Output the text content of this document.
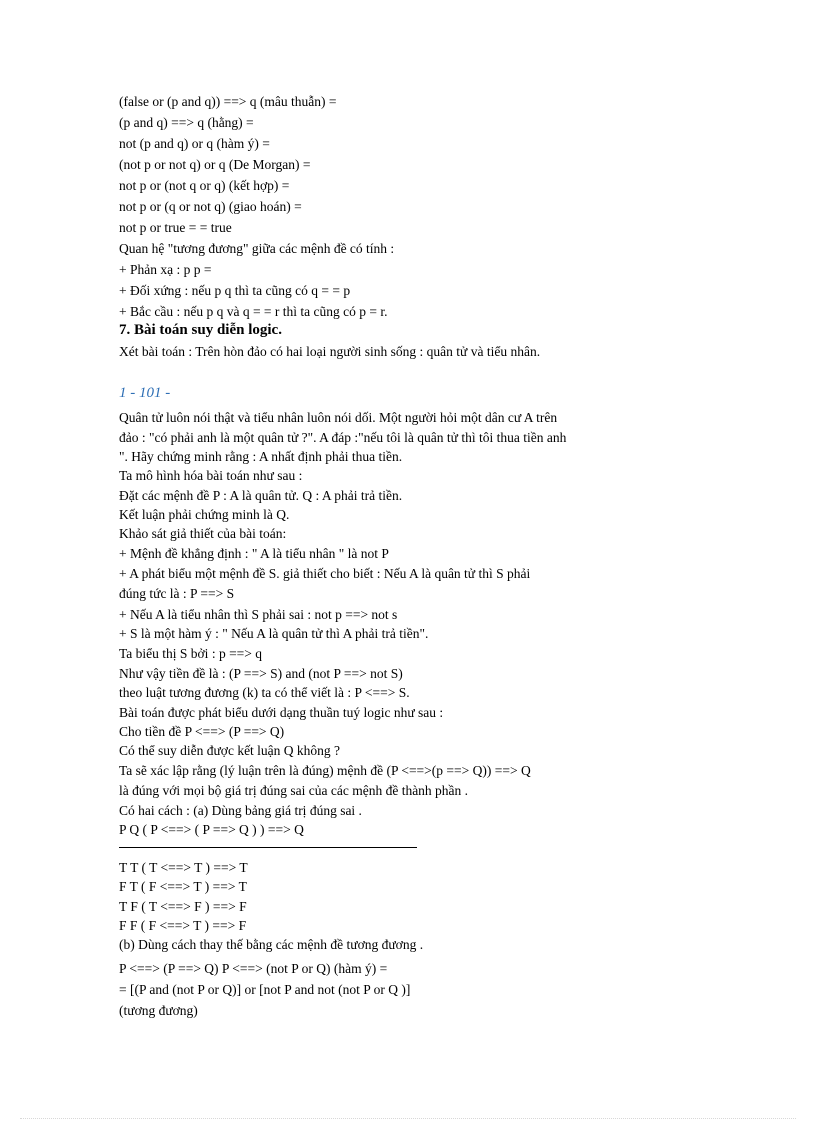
(false or (p and q)) ==> q (mâu thuẫn) =
(p and q) ==> q (hằng) =
not (p and q) or q (hàm ý) =
(not p or not q) or q (De Morgan) =
not p or (not q or q) (kết hợp) =
not p or (q or not q) (giao hoán) =
not p or true = = true
Quan hệ "tương đương" giữa các mệnh đề có tính :
+ Phản xạ : p p =
+ Đối xứng : nếu p q thì ta cũng có q = = p
+ Bắc cầu : nếu p q và q = = r thì ta cũng có p = r.
7. Bài toán suy diễn logic.
Xét bài toán : Trên hòn đảo có hai loại người sinh sống : quân tử và tiểu nhân.
1 - 101 -
Quân tử luôn nói thật và tiểu nhân luôn nói dối. Một người hỏi một dân cư A trên
đảo : "có phải anh là một quân tử ?". A đáp :"nếu tôi là quân tử thì tôi thua tiền anh
". Hãy chứng minh rằng : A nhất định phải thua tiền.
Ta mô hình hóa bài toán như sau :
Đặt các mệnh đề P : A là quân tử. Q : A phải trả tiền.
Kết luận phải chứng minh là Q.
Khảo sát giả thiết của bài toán:
+ Mệnh đề khẳng định : " A là tiểu nhân " là not P
+ A phát biểu một mệnh đề S. giả thiết cho biết : Nếu A là quân tử thì S phải
đúng tức là : P ==> S
+ Nếu A là tiểu nhân thì S phải sai : not p ==> not s
+ S là một hàm ý : " Nếu A là quân tử thì A phải trả tiền".
Ta biểu thị S bởi : p ==> q
Như vậy tiền đề là : (P ==> S) and (not P ==> not S)
theo luật tương đương (k) ta có thể viết là : P <==> S.
Bài toán được phát biểu dưới dạng thuần tuý logic như sau :
Cho tiền đề P <==> (P ==> Q)
Có thể suy diễn được kết luận Q không ?
Ta sẽ xác lập rằng (lý luận trên là đúng) mệnh đề (P <==>(p ==> Q)) ==> Q
là đúng với mọi bộ giá trị đúng sai của các mệnh đề thành phần .
Có hai cách : (a) Dùng bảng giá trị đúng sai .
P Q ( P <==> ( P ==> Q ) ) ==> Q
T T ( T <==> T ) ==> T
F T ( F <==> T ) ==> T
T F ( T <==> F ) ==> F
F F ( F <==> T ) ==> F
(b) Dùng cách thay thế bằng các mệnh đề tương đương .
P <==> (P ==> Q) P <==> (not P or Q) (hàm ý) =
= [(P and (not P or Q)] or [not P and not (not P or Q )]
(tương đương)
